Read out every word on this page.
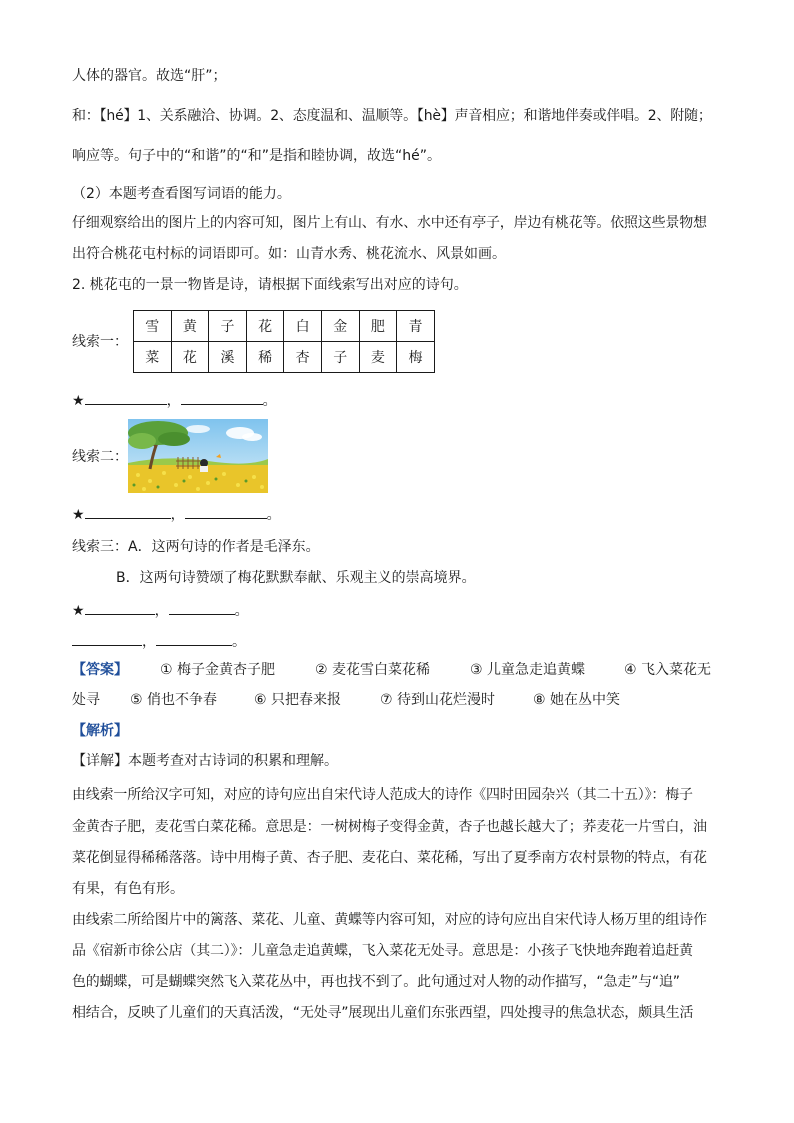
人体的器官。故选“肝”；
和：【hé】1、关系融洽、协调。2、态度温和、温顺等。【hè】声音相应；和谐地伴奏或伴唱。2、附随；
响应等。句子中的“和谐”的“和”是指和睦协调，故选“hé”。
（2）本题考查看图写词语的能力。
仔细观察给出的图片上的内容可知，图片上有山、有水、水中还有亭子，岸边有桃花等。依照这些景物想
出符合桃花屯村标的词语即可。如：山青水秀、桃花流水、风景如画。
2. 桃花屯的一景一物皆是诗，请根据下面线索写出对应的诗句。
线索一：
雪	黄	子	花	白	金	肥	青
菜	花	溪	稀	杏	子	麦	梅
★	，	。
线索二：
★	，	。
线索三：A．这两句诗的作者是毛泽东。
B．这两句诗赞颂了梅花默默奉献、乐观主义的崇高境界。
★	，	。
，	。
【答案】 ① 梅子金黄杏子肥	② 麦花雪白菜花稀	③ 儿童急走追黄蝶	④ 飞入菜花无
处寻 ⑤ 俏也不争春	⑥ 只把春来报	⑦ 待到山花烂漫时	⑧ 她在丛中笑
【解析】
【详解】本题考查对古诗词的积累和理解。
由线索一所给汉字可知，对应的诗句应出自宋代诗人范成大的诗作《四时田园杂兴（其二十五）》：梅子
金黄杏子肥，麦花雪白菜花稀。意思是：一树树梅子变得金黄，杏子也越长越大了；荞麦花一片雪白，油
菜花倒显得稀稀落落。诗中用梅子黄、杏子肥、麦花白、菜花稀，写出了夏季南方农村景物的特点，有花
有果，有色有形。
由线索二所给图片中的篱落、菜花、儿童、黄蝶等内容可知，对应的诗句应出自宋代诗人杨万里的组诗作
品《宿新市徐公店（其二）》：儿童急走追黄蝶，飞入菜花无处寻。意思是：小孩子飞快地奔跑着追赶黄
色的蝴蝶，可是蝴蝶突然飞入菜花丛中，再也找不到了。此句通过对人物的动作描写，“急走”与“追”
相结合，反映了儿童们的天真活泼，“无处寻”展现出儿童们东张西望，四处搜寻的焦急状态，颇具生活
